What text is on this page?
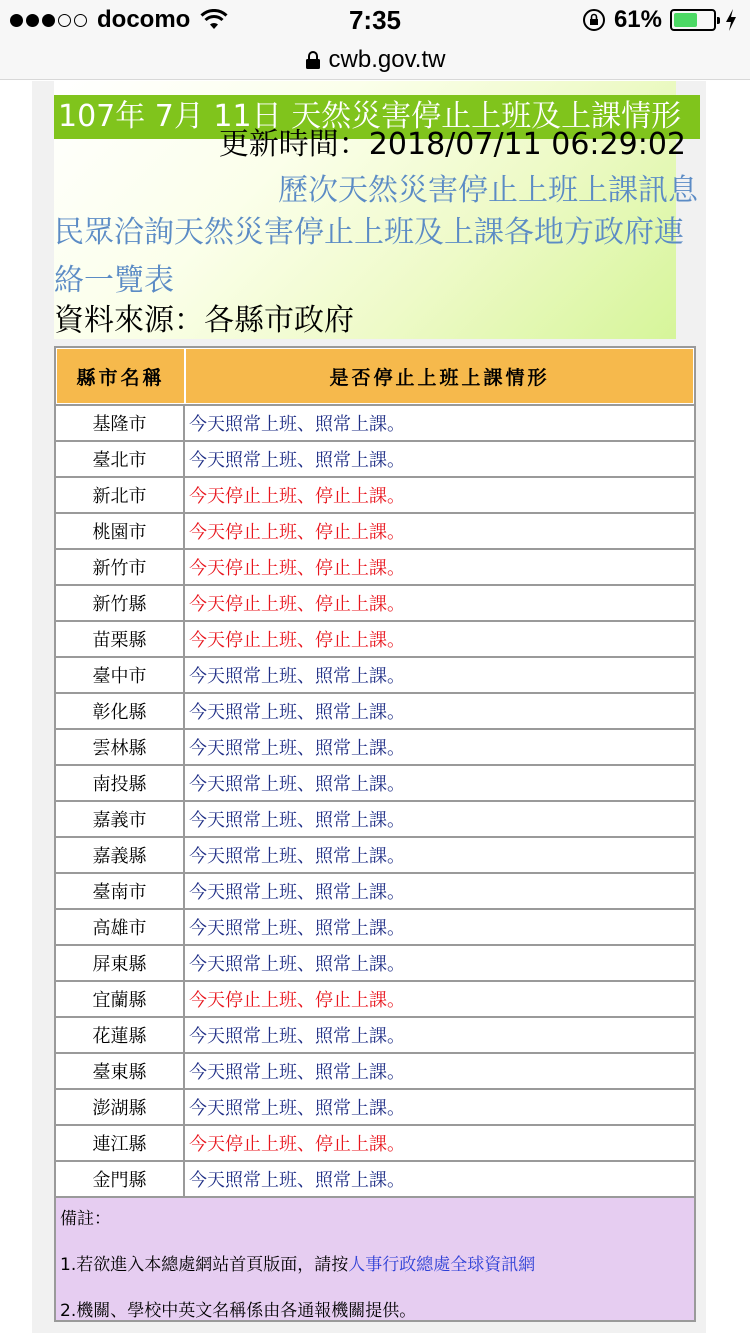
docomo	7:35	61%
cwb.gov.tw
107年 7月 11日 天然災害停止上班及上課情形
更新時間：2018/07/11 06:29:02
歷次天然災害停止上班上課訊息
民眾洽詢天然災害停止上班及上課各地方政府連絡一覽表
資料來源：各縣市政府
縣市名稱	是否停止上班上課情形
基隆市	今天照常上班、照常上課。
臺北市	今天照常上班、照常上課。
新北市	今天停止上班、停止上課。
桃園市	今天停止上班、停止上課。
新竹市	今天停止上班、停止上課。
新竹縣	今天停止上班、停止上課。
苗栗縣	今天停止上班、停止上課。
臺中市	今天照常上班、照常上課。
彰化縣	今天照常上班、照常上課。
雲林縣	今天照常上班、照常上課。
南投縣	今天照常上班、照常上課。
嘉義市	今天照常上班、照常上課。
嘉義縣	今天照常上班、照常上課。
臺南市	今天照常上班、照常上課。
高雄市	今天照常上班、照常上課。
屏東縣	今天照常上班、照常上課。
宜蘭縣	今天停止上班、停止上課。
花蓮縣	今天照常上班、照常上課。
臺東縣	今天照常上班、照常上課。
澎湖縣	今天照常上班、照常上課。
連江縣	今天停止上班、停止上課。
金門縣	今天照常上班、照常上課。
備註：
1.若欲進入本總處網站首頁版面，請按人事行政總處全球資訊網
2.機關、學校中英文名稱係由各通報機關提供。
